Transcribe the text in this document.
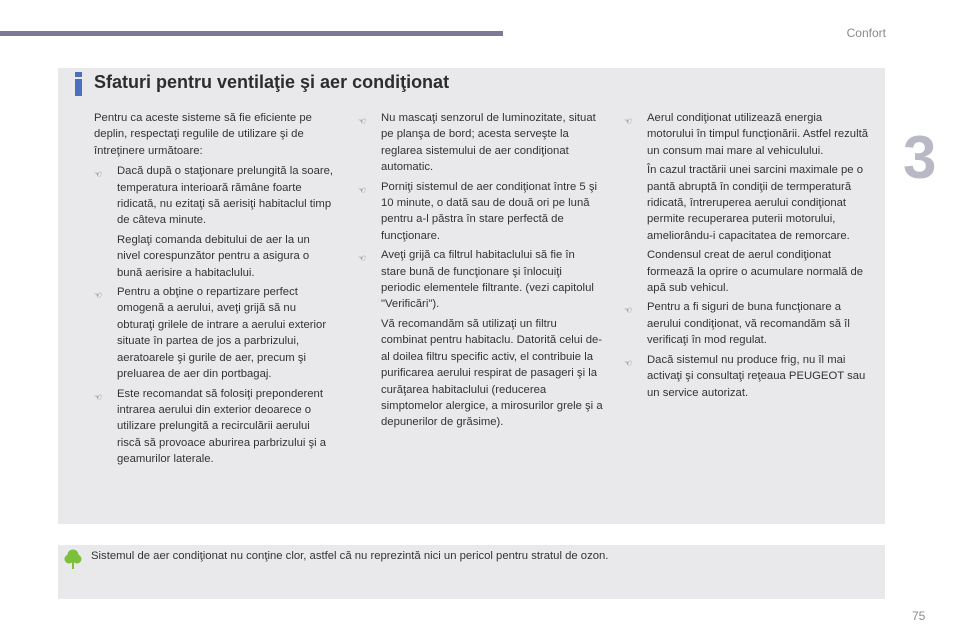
Confort
3
Sfaturi pentru ventilaţie şi aer condiţionat

Pentru ca aceste sisteme să fie eficiente pe deplin, respectaţi regulile de utilizare şi de întreţinere următoare:

☜ Dacă după o staţionare prelungită la soare, temperatura interioară rămâne foarte ridicată, nu ezitaţi să aerisiţi habitaclul timp de câteva minute.
Reglaţi comanda debitului de aer la un nivel corespunzător pentru a asigura o bună aerisire a habitaclului.
☜ Pentru a obţine o repartizare perfect omogenă a aerului, aveţi grijă să nu obturaţi grilele de intrare a aerului exterior situate în partea de jos a parbrizului, aeratoarele şi gurile de aer, precum şi preluarea de aer din portbagaj.
☜ Este recomandat să folosiţi preponderent intrarea aerului din exterior deoarece o utilizare prelungită a recirculării aerului riscă să provoace aburirea parbrizului şi a geamurilor laterale.
☜ Nu mascaţi senzorul de luminozitate, situat pe planşa de bord; acesta serveşte la reglarea sistemului de aer condiţionat automatic.
☜ Porniţi sistemul de aer condiţionat între 5 şi 10 minute, o dată sau de două ori pe lună pentru a-l păstra în stare perfectă de funcţionare.
☜ Aveţi grijă ca filtrul habitaclului să fie în stare bună de funcţionare şi înlocuiţi periodic elementele filtrante. (vezi capitolul "Verificări").
Vă recomandăm să utilizaţi un filtru combinat pentru habitaclu. Datorită celui de-al doilea filtru specific activ, el contribuie la purificarea aerului respirat de pasageri şi la curăţarea habitaclului (reducerea simptomelor alergice, a mirosurilor grele şi a depunerilor de grăsime).
☜ Aerul condiţionat utilizează energia motorului în timpul funcţionării. Astfel rezultă un consum mai mare al vehiculului.
În cazul tractării unei sarcini maximale pe o pantă abruptă în condiţii de termperatură ridicată, întreruperea aerului condiţionat permite recuperarea puterii motorului, ameliorându-i capacitatea de remorcare.
Condensul creat de aerul condiţionat formează la oprire o acumulare normală de apă sub vehicul.
☜ Pentru a fi siguri de buna funcţionare a aerului condiţionat, vă recomandăm să îl verificaţi în mod regulat.
☜ Dacă sistemul nu produce frig, nu îl mai activaţi şi consultaţi reţeaua PEUGEOT sau un service autorizat.
Sistemul de aer condiţionat nu conţine clor, astfel că nu reprezintă nici un pericol pentru stratul de ozon.
75
